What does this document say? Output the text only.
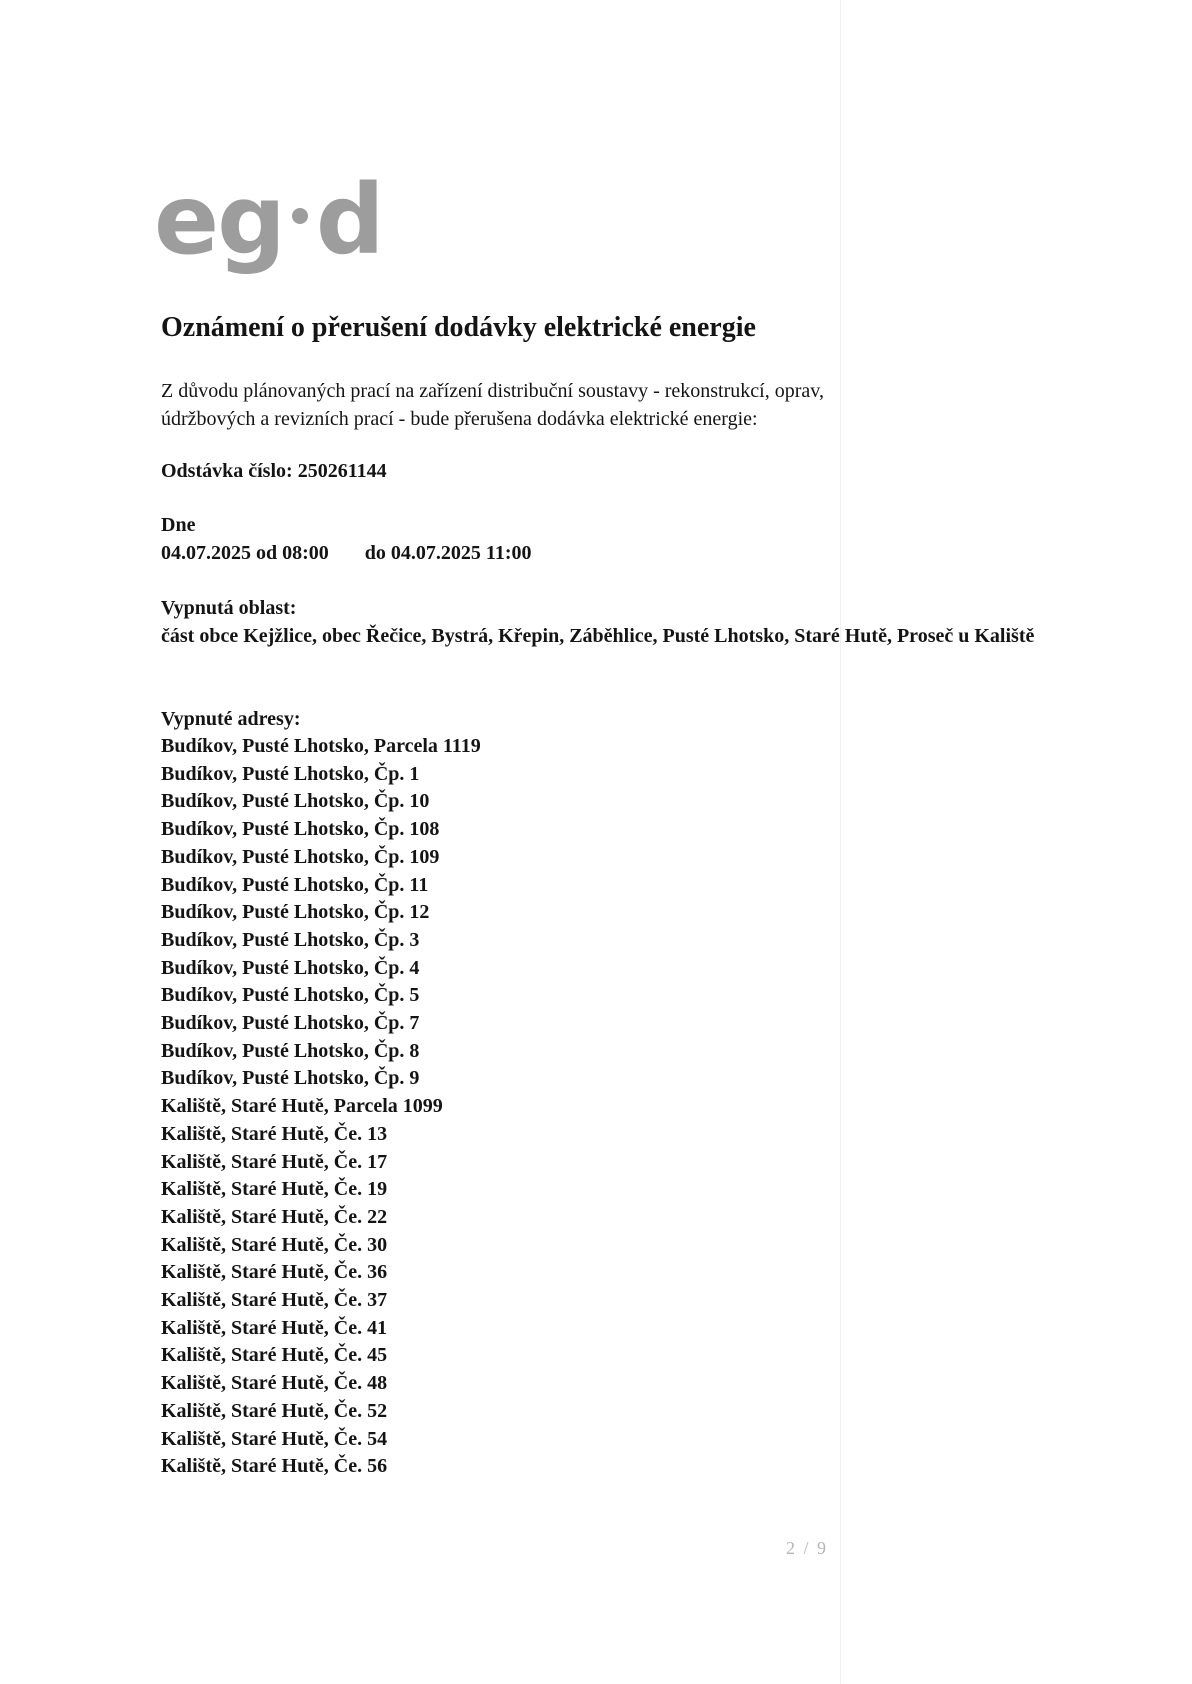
eg d
Oznámení o přerušení dodávky elektrické energie

Z důvodu plánovaných prací na zařízení distribuční soustavy - rekonstrukcí, oprav,
údržbových a revizních prací - bude přerušena dodávka elektrické energie:

Odstávka číslo: 250261144
Dne
04.07.2025 od 08:00 do 04.07.2025 11:00
Vypnutá oblast:
část obce Kejžlice, obec Řečice, Bystrá, Křepin, Záběhlice, Pusté Lhotsko, Staré Hutě, Proseč u Kaliště
Vypnuté adresy:
Budíkov, Pusté Lhotsko, Parcela 1119
Budíkov, Pusté Lhotsko, Čp. 1
Budíkov, Pusté Lhotsko, Čp. 10
Budíkov, Pusté Lhotsko, Čp. 108
Budíkov, Pusté Lhotsko, Čp. 109
Budíkov, Pusté Lhotsko, Čp. 11
Budíkov, Pusté Lhotsko, Čp. 12
Budíkov, Pusté Lhotsko, Čp. 3
Budíkov, Pusté Lhotsko, Čp. 4
Budíkov, Pusté Lhotsko, Čp. 5
Budíkov, Pusté Lhotsko, Čp. 7
Budíkov, Pusté Lhotsko, Čp. 8
Budíkov, Pusté Lhotsko, Čp. 9
Kaliště, Staré Hutě, Parcela 1099
Kaliště, Staré Hutě, Če. 13
Kaliště, Staré Hutě, Če. 17
Kaliště, Staré Hutě, Če. 19
Kaliště, Staré Hutě, Če. 22
Kaliště, Staré Hutě, Če. 30
Kaliště, Staré Hutě, Če. 36
Kaliště, Staré Hutě, Če. 37
Kaliště, Staré Hutě, Če. 41
Kaliště, Staré Hutě, Če. 45
Kaliště, Staré Hutě, Če. 48
Kaliště, Staré Hutě, Če. 52
Kaliště, Staré Hutě, Če. 54
Kaliště, Staré Hutě, Če. 56
2 / 9
